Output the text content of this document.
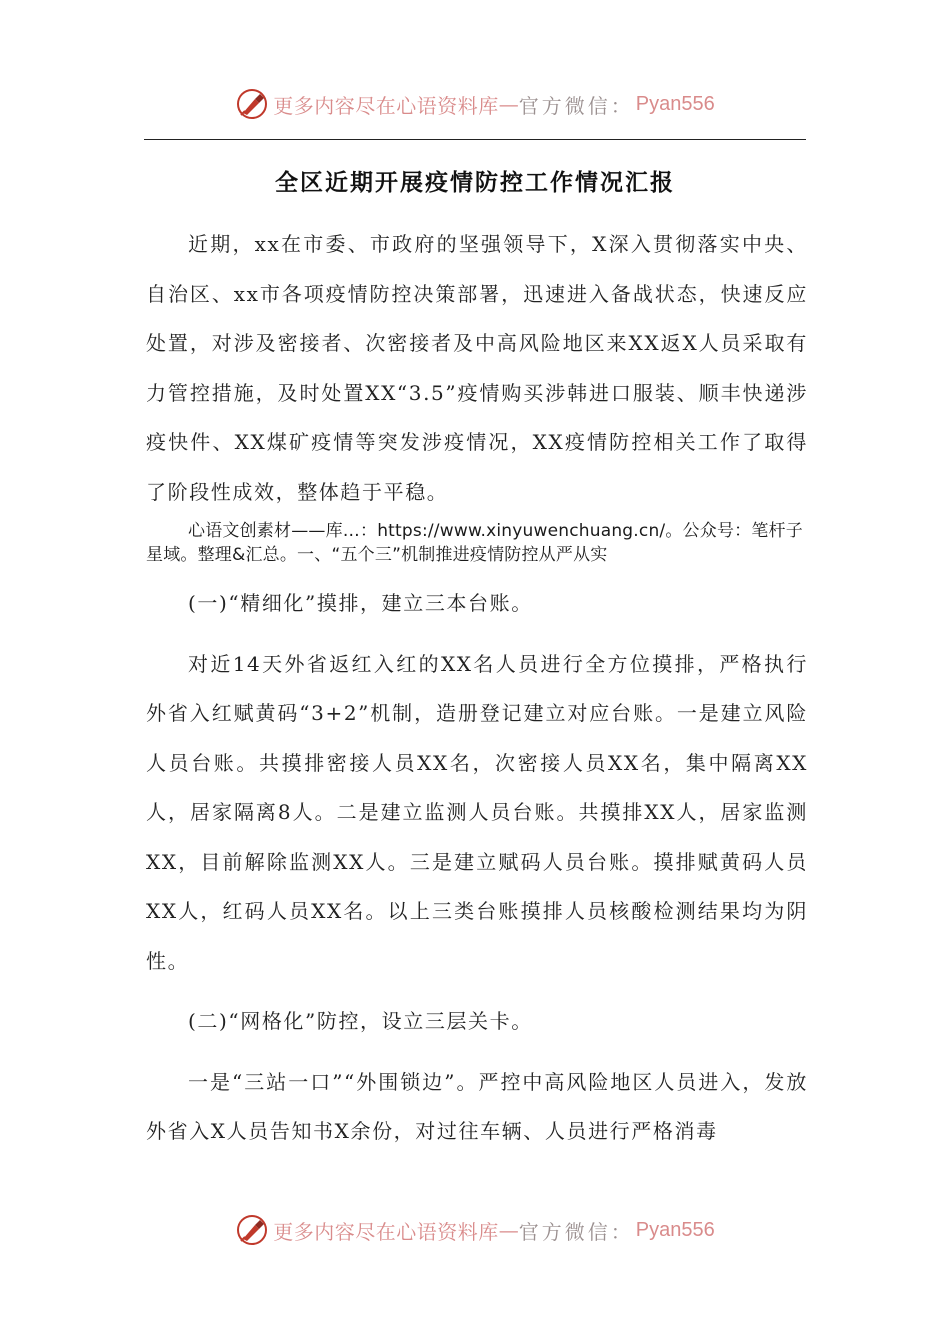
更多内容尽在心语资料库 — 官方微信： Pyan556
全区近期开展疫情防控工作情况汇报

近期，xx在市委、市政府的坚强领导下，X深入贯彻落实中央、自治区、xx市各项疫情防控决策部署，迅速进入备战状态，快速反应处置，对涉及密接者、次密接者及中高风险地区来XX返X人员采取有力管控措施，及时处置XX“3.5”疫情购买涉韩进口服装、顺丰快递涉疫快件、XX煤矿疫情等突发涉疫情况，XX疫情防控相关工作了取得了阶段性成效，整体趋于平稳。

心语文创素材——库…：https://www.xinyuwenchuang.cn/。公众号：笔杆子星域。整理&汇总。一、“五个三”机制推进疫情防控从严从实

(一)“精细化”摸排，建立三本台账。

对近14天外省返红入红的XX名人员进行全方位摸排，严格执行外省入红赋黄码“3+2”机制，造册登记建立对应台账。一是建立风险人员台账。共摸排密接人员XX名，次密接人员XX名，集中隔离XX人，居家隔离8人。二是建立监测人员台账。共摸排XX人，居家监测XX，目前解除监测XX人。三是建立赋码人员台账。摸排赋黄码人员XX人，红码人员XX名。以上三类台账摸排人员核酸检测结果均为阴性。

(二)“网格化”防控，设立三层关卡。

一是“三站一口”“外围锁边”。严控中高风险地区人员进入，发放外省入X人员告知书X余份，对过往车辆、人员进行严格消毒

更多内容尽在心语资料库 — 官方微信： Pyan556
